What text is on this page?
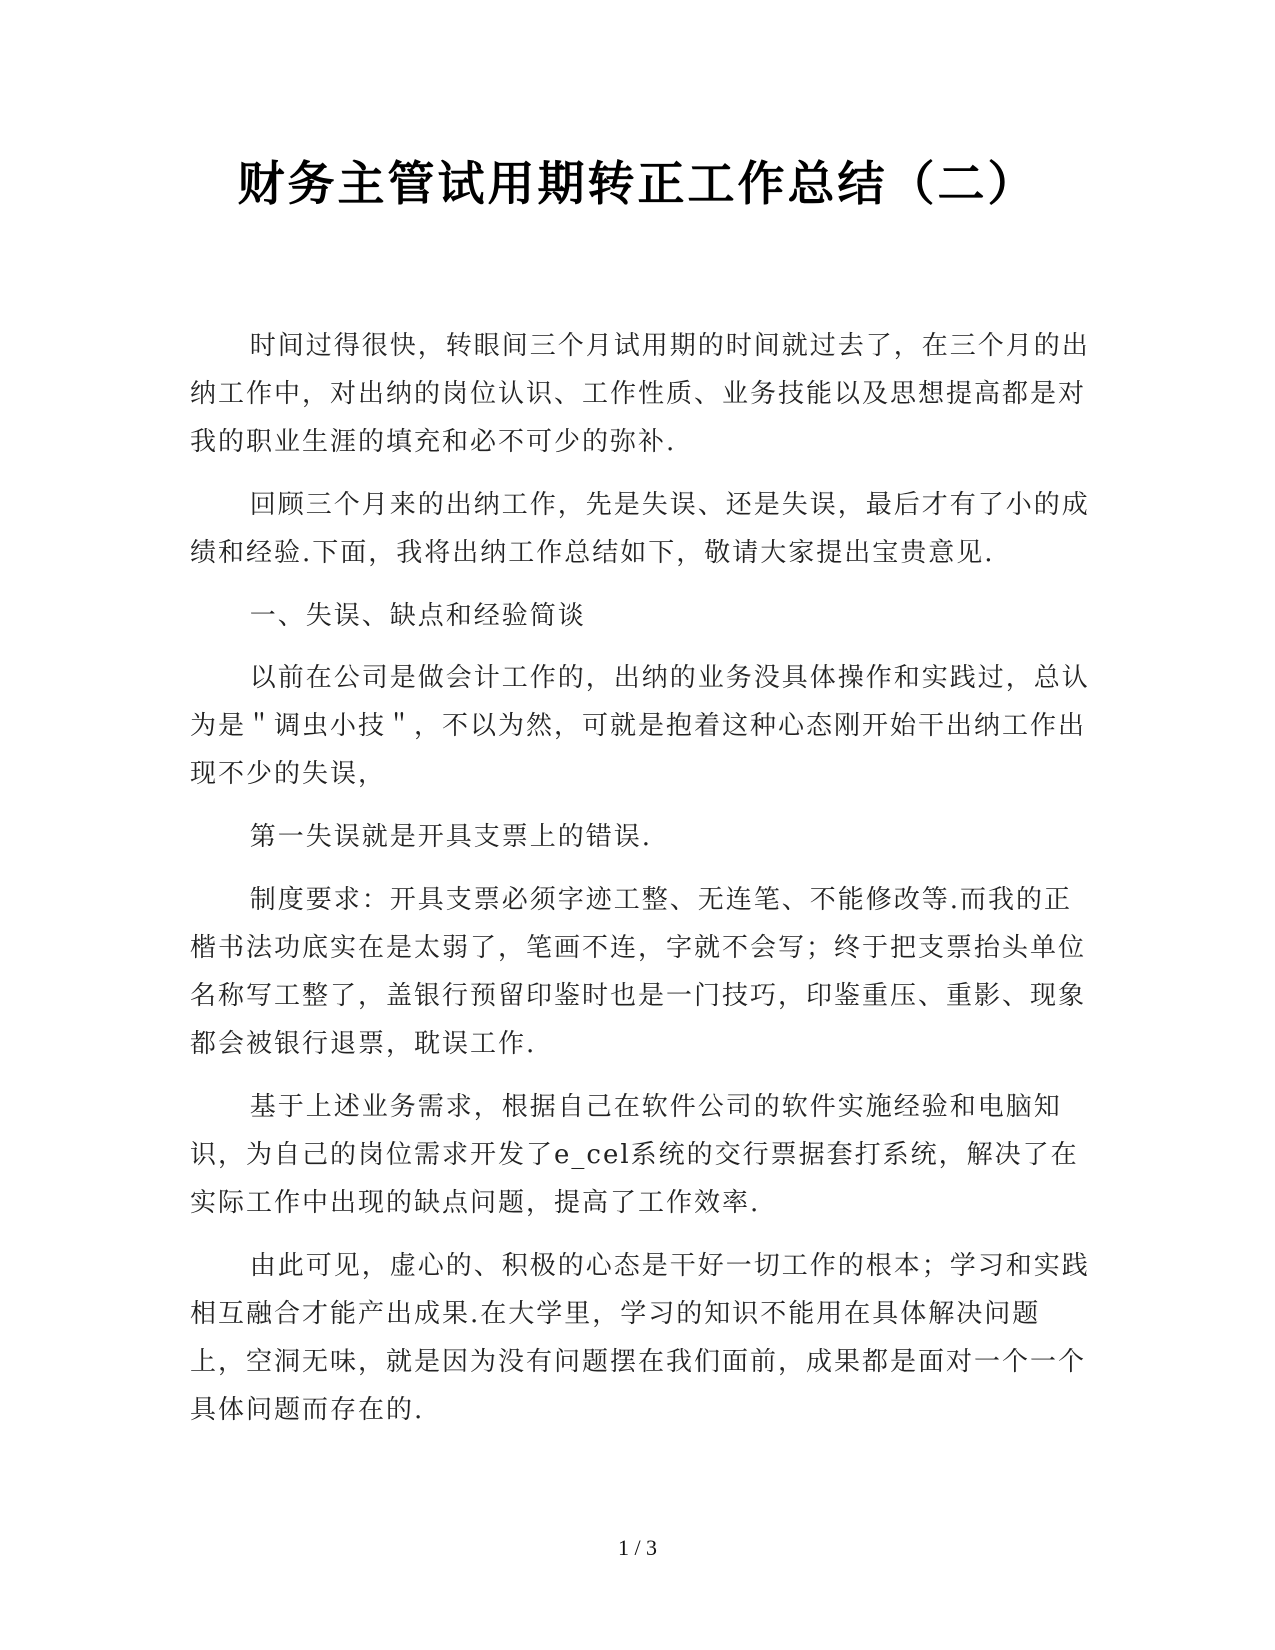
财务主管试用期转正工作总结（二）

时间过得很快，转眼间三个月试用期的时间就过去了，在三个月的出纳工作中，对出纳的岗位认识、工作性质、业务技能以及思想提高都是对我的职业生涯的填充和必不可少的弥补.

回顾三个月来的出纳工作，先是失误、还是失误，最后才有了小的成绩和经验.下面，我将出纳工作总结如下，敬请大家提出宝贵意见.

一、失误、缺点和经验简谈

以前在公司是做会计工作的，出纳的业务没具体操作和实践过，总认为是＂调虫小技＂，不以为然，可就是抱着这种心态刚开始干出纳工作出现不少的失误，

第一失误就是开具支票上的错误.

制度要求：开具支票必须字迹工整、无连笔、不能修改等.而我的正楷书法功底实在是太弱了，笔画不连，字就不会写；终于把支票抬头单位名称写工整了，盖银行预留印鉴时也是一门技巧，印鉴重压、重影、现象都会被银行退票，耽误工作.

基于上述业务需求，根据自己在软件公司的软件实施经验和电脑知识，为自己的岗位需求开发了e_cel系统的交行票据套打系统，解决了在实际工作中出现的缺点问题，提高了工作效率.

由此可见，虚心的、积极的心态是干好一切工作的根本；学习和实践相互融合才能产出成果.在大学里，学习的知识不能用在具体解决问题上，空洞无味，就是因为没有问题摆在我们面前，成果都是面对一个一个具体问题而存在的.

1 / 3
